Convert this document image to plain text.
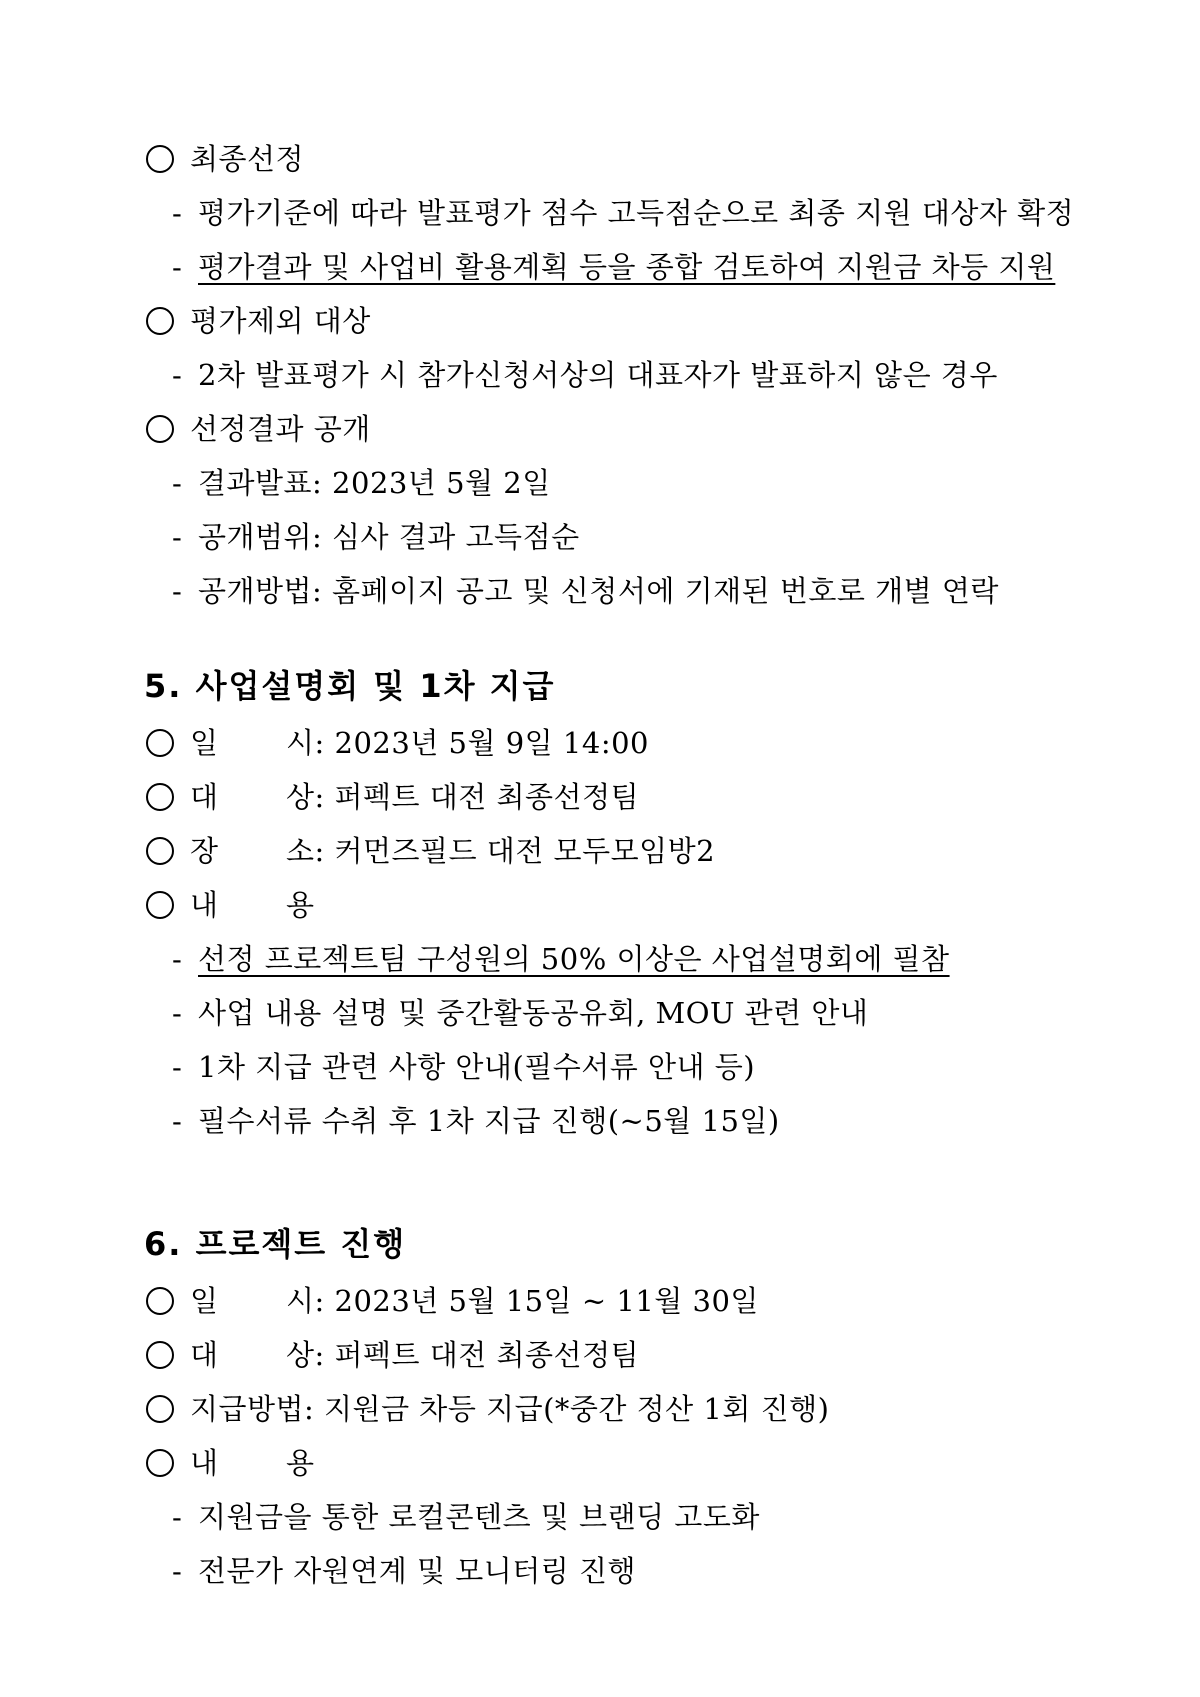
최종선정
- 평가기준에 따라 발표평가 점수 고득점순으로 최종 지원 대상자 확정
- 평가결과 및 사업비 활용계획 등을 종합 검토하여 지원금 차등 지원
평가제외 대상
- 2차 발표평가 시 참가신청서상의 대표자가 발표하지 않은 경우
선정결과 공개
- 결과발표: 2023년 5월 2일
- 공개범위: 심사 결과 고득점순
- 공개방법: 홈페이지 공고 및 신청서에 기재된 번호로 개별 연락
5. 사업설명회 및 1차 지급
일	시:
2023년 5월 9일 14:00
대	상:
퍼펙트 대전 최종선정팀
장	소:
커먼즈필드 대전 모두모임방2
내	용
- 선정 프로젝트팀 구성원의 50% 이상은 사업설명회에 필참
- 사업 내용 설명 및 중간활동공유회, MOU 관련 안내
- 1차 지급 관련 사항 안내(필수서류 안내 등)
- 필수서류 수취 후 1차 지급 진행(~5월 15일)
6. 프로젝트 진행
일	시:
2023년 5월 15일 ~ 11월 30일
대	상:
퍼펙트 대전 최종선정팀
지급방법:
지원금 차등 지급(*중간 정산 1회 진행)
내	용
- 지원금을 통한 로컬콘텐츠 및 브랜딩 고도화
- 전문가 자원연계 및 모니터링 진행
